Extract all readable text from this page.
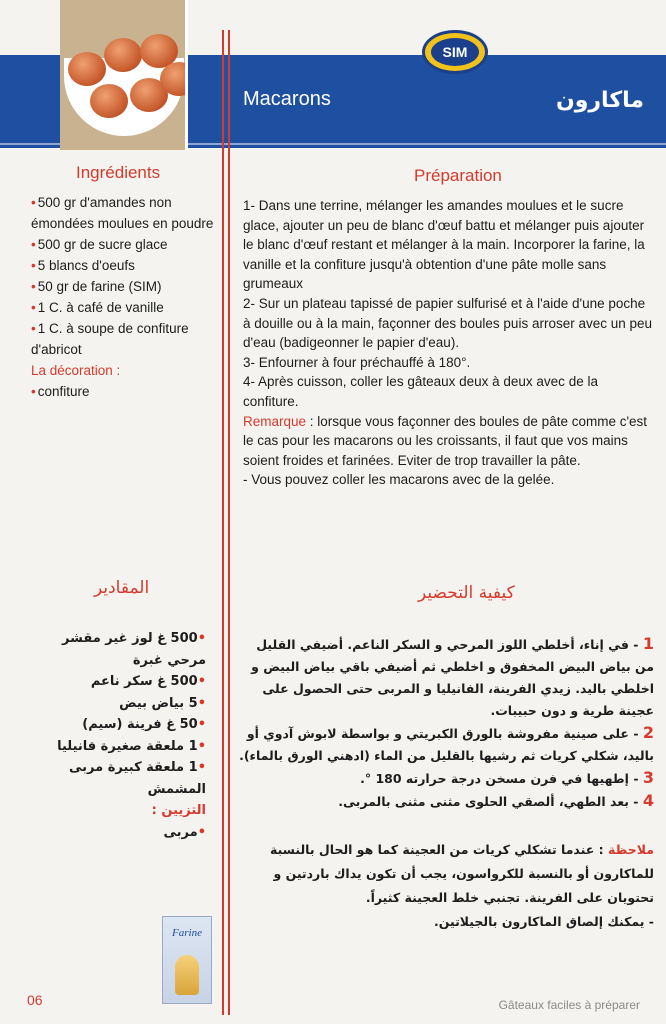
SIM
Macarons	ماكارون
Ingrédients
• 500 gr d'amandes non émondées moulues en poudre
• 500 gr de sucre glace
• 5 blancs d'oeufs
• 50 gr de farine (SIM)
• 1 C. à café de vanille
• 1 C. à soupe de confiture d'abricot
La décoration :
• confiture
Préparation

1- Dans une terrine, mélanger les amandes moulues et le sucre glace, ajouter un peu de blanc d'œuf battu et mélanger puis ajouter le blanc d'œuf restant et mélanger à la main. Incorporer la farine, la vanille et la confiture jusqu'à obtention d'une pâte molle sans grumeaux

2- Sur un plateau tapissé de papier sulfurisé et à l'aide d'une poche à douille ou à la main, façonner des boules puis arroser avec un peu d'eau (badigeonner le papier d'eau).

3- Enfourner à four préchauffé à 180°.

4- Après cuisson, coller les gâteaux deux à deux avec de la confiture.

Remarque : lorsque vous façonner des boules de pâte comme c'est le cas pour les macarons ou les croissants, il faut que vos mains soient froides et farinées. Eviter de trop travailler la pâte.

- Vous pouvez coller les macarons avec de la gelée.

المقادير
•500 غ لوز غير مقشر مرحي غبرة
•500 غ سكر ناعم
•5 بياض بيض
•50 غ فرينة (سيم)
•1 ملعقة صغيرة فانيليا
•1 ملعقة كبيرة مربى المشمش
التزيين :
•مربى
كيفية التحضير

1 - في إناء، أخلطي اللوز المرحي و السكر الناعم. أضيفي القليل من بياض البيض المخفوق و اخلطي ثم أضيفي باقي بياض البيض و اخلطي باليد. زيدي الفرينة، الفانيليا و المربى حتى الحصول على عجينة طرية و دون حبيبات.

2 - على صينية مفروشة بالورق الكبريتي و بواسطة لابوش آدوي أو باليد، شكلي كريات ثم رشيها بالقليل من الماء (ادهني الورق بالماء).

3 - إطهيها في فرن مسخن درجة حرارته 180 °.

4 - بعد الطهي، ألصقي الحلوى مثنى مثنى بالمربى.

ملاحظة : عندما تشكلي كريات من العجينة كما هو الحال بالنسبة للماكارون أو بالنسبة للكرواسون، يجب أن تكون يداك باردتين و تحتويان على الفرينة. تجنبي خلط العجينة كثيراً.

- يمكنك إلصاق الماكارون بالجيلاتين.

Farine
06	Gâteaux faciles à préparer
